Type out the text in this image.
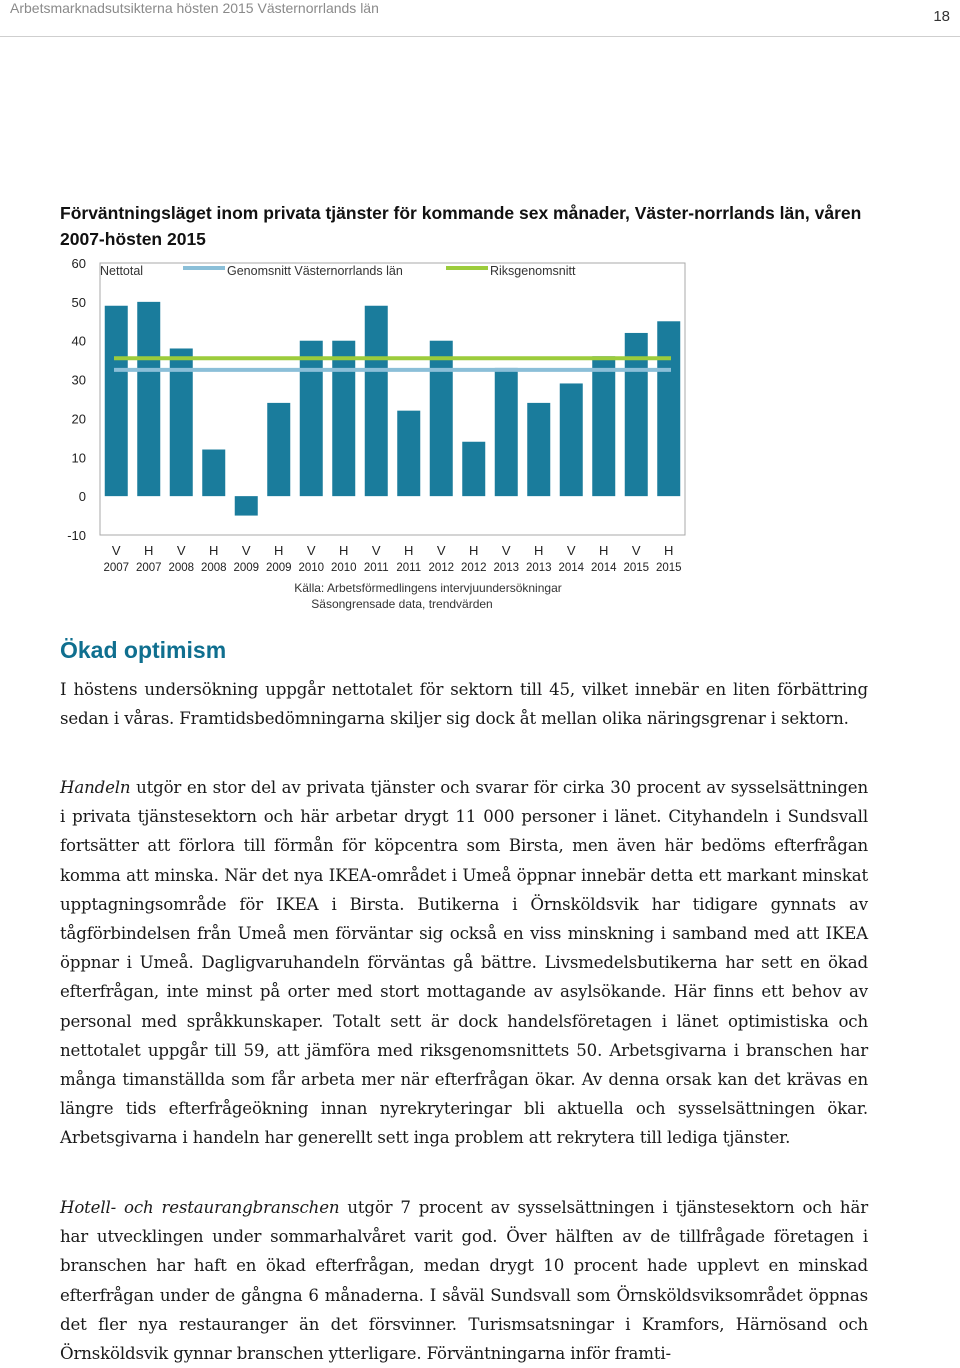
Arbetsmarknadsutsikterna hösten 2015 Västernorrlands län	18
Förväntningsläget inom privata tjänster för kommande sex månader, Väster-norrlands län, våren 2007-hösten 2015
-10
0
10
20
30
40
50
60
V
2007
H
2007
V
2008
H
2008
V
2009
H
2009
V
2010
H
2010
V
2011
H
2011
V
2012
H
2012
V
2013
H
2013
V
2014
H
2014
V
2015
H
2015
Nettotal	Genomsnitt Västernorrlands län	Riksgenomsnitt
Källa: Arbetsförmedlingens intervjuundersökningar
Säsongrensade data, trendvärden
Ökad optimism

I höstens undersökning uppgår nettotalet för sektorn till 45, vilket innebär en liten förbättring sedan i våras. Framtidsbedömningarna skiljer sig dock åt mellan olika näringsgrenar i sektorn.

Handeln utgör en stor del av privata tjänster och svarar för cirka 30 procent av sysselsättningen i privata tjänstesektorn och här arbetar drygt 11 000 personer i länet. Cityhandeln i Sundsvall fortsätter att förlora till förmån för köpcentra som Birsta, men även här bedöms efterfrågan komma att minska. När det nya IKEA-området i Umeå öppnar innebär detta ett markant minskat upptagningsområde för IKEA i Birsta. Butikerna i Örnsköldsvik har tidigare gynnats av tågförbindelsen från Umeå men förväntar sig också en viss minskning i samband med att IKEA öppnar i Umeå. Dagligvaruhandeln förväntas gå bättre. Livsmedelsbutikerna har sett en ökad efterfrågan, inte minst på orter med stort mottagande av asylsökande. Här finns ett behov av personal med språkkunskaper. Totalt sett är dock handelsföretagen i länet optimistiska och nettotalet uppgår till 59, att jämföra med riksgenomsnittets 50. Arbetsgivarna i branschen har många timanställda som får arbeta mer när efterfrågan ökar. Av denna orsak kan det krävas en längre tids efterfrågeökning innan nyrekryteringar bli aktuella och sysselsättningen ökar. Arbetsgivarna i handeln har generellt sett inga problem att rekrytera till lediga tjänster.

Hotell- och restaurangbranschen utgör 7 procent av sysselsättningen i tjänstesektorn och här har utvecklingen under sommarhalvåret varit god. Över hälften av de tillfrågade företagen i branschen har haft en ökad efterfrågan, medan drygt 10 procent hade upplevt en minskad efterfrågan under de gångna 6 månaderna. I såväl Sundsvall som Örnsköldsviksområdet öppnas det fler nya restauranger än det försvinner. Turismsatsningar i Kramfors, Härnösand och Örnsköldsvik gynnar branschen ytterligare. Förväntningarna inför framti-
